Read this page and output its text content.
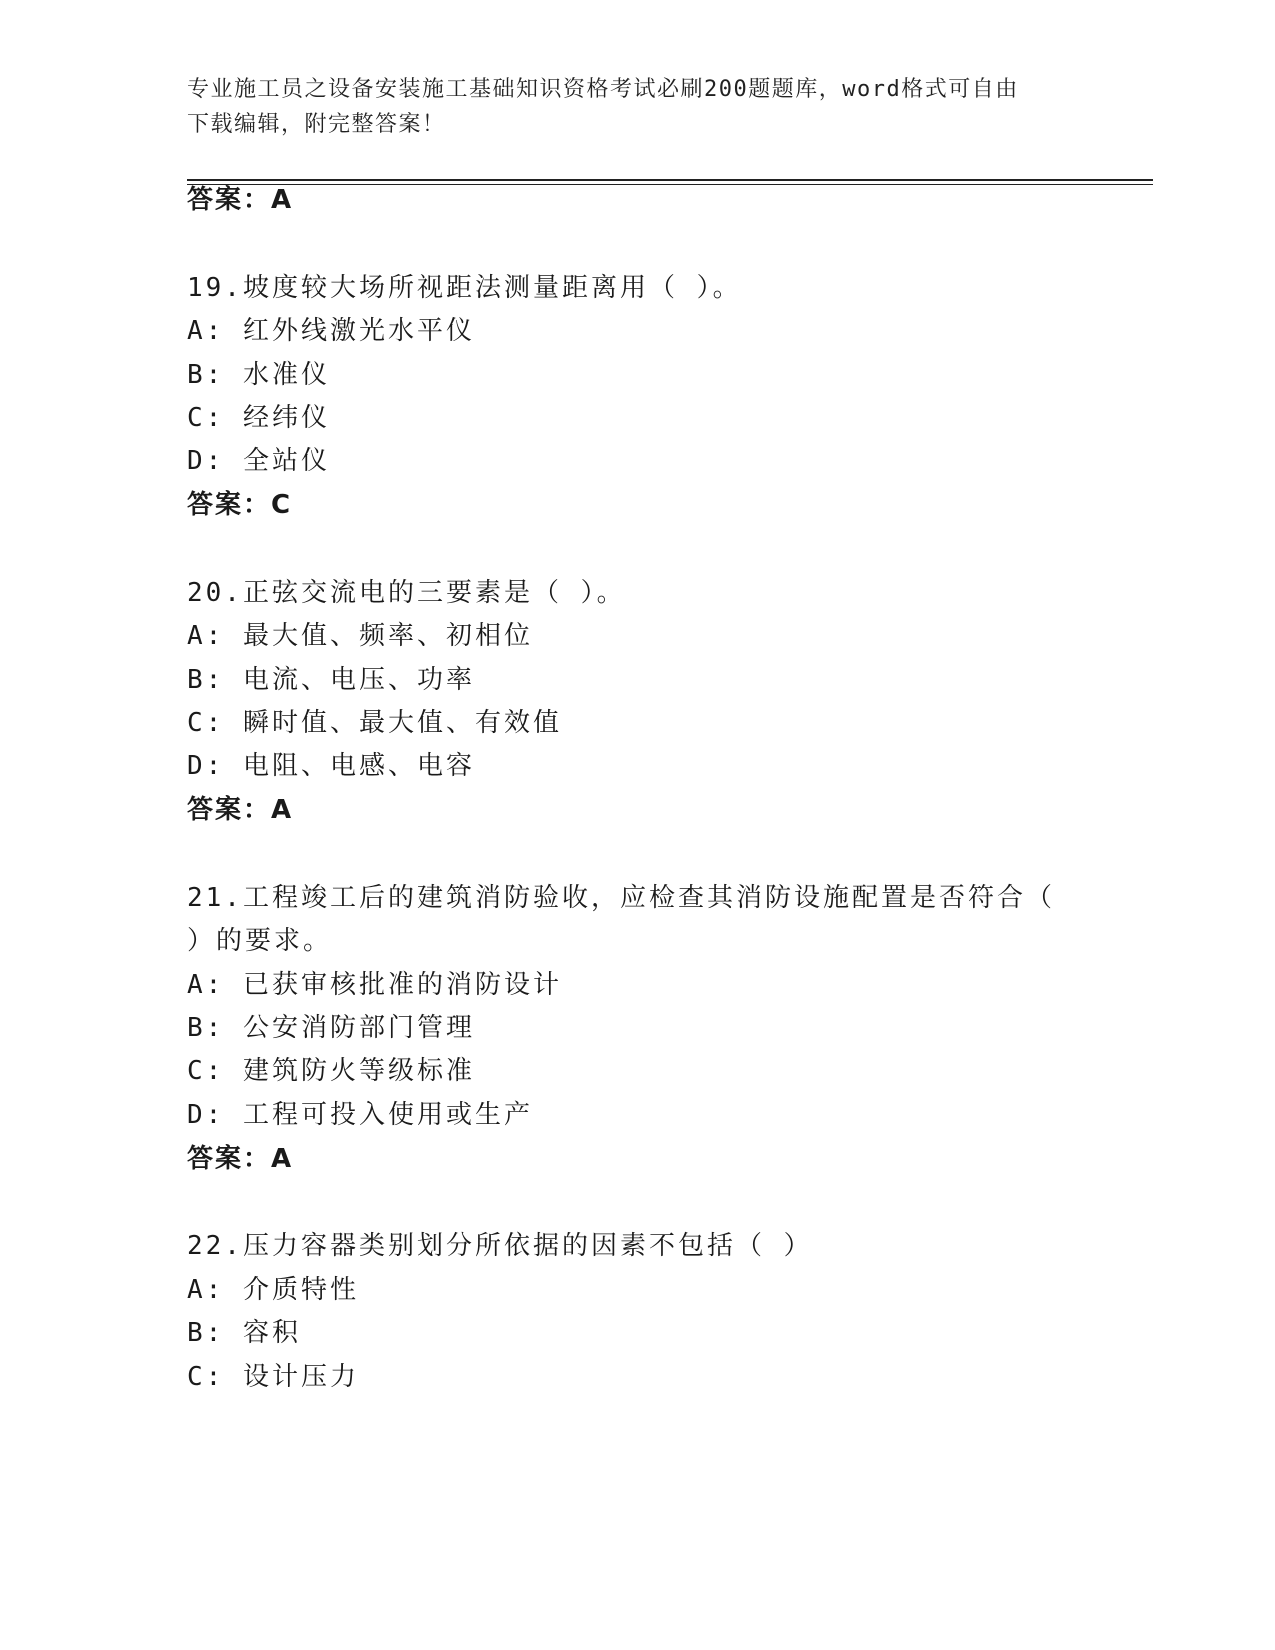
专业施工员之设备安装施工基础知识资格考试必刷200题题库，word格式可自由
下载编辑，附完整答案！
答案：A
19.坡度较大场所视距法测量距离用（ ）。
A: 红外线激光水平仪
B: 水准仪
C: 经纬仪
D: 全站仪
答案：C
20.正弦交流电的三要素是（ ）。
A: 最大值、频率、初相位
B: 电流、电压、功率
C: 瞬时值、最大值、有效值
D: 电阻、电感、电容
答案：A
21.工程竣工后的建筑消防验收，应检查其消防设施配置是否符合（
）的要求。
A: 已获审核批准的消防设计
B: 公安消防部门管理
C: 建筑防火等级标准
D: 工程可投入使用或生产
答案：A
22.压力容器类别划分所依据的因素不包括（ ）
A: 介质特性
B: 容积
C: 设计压力
